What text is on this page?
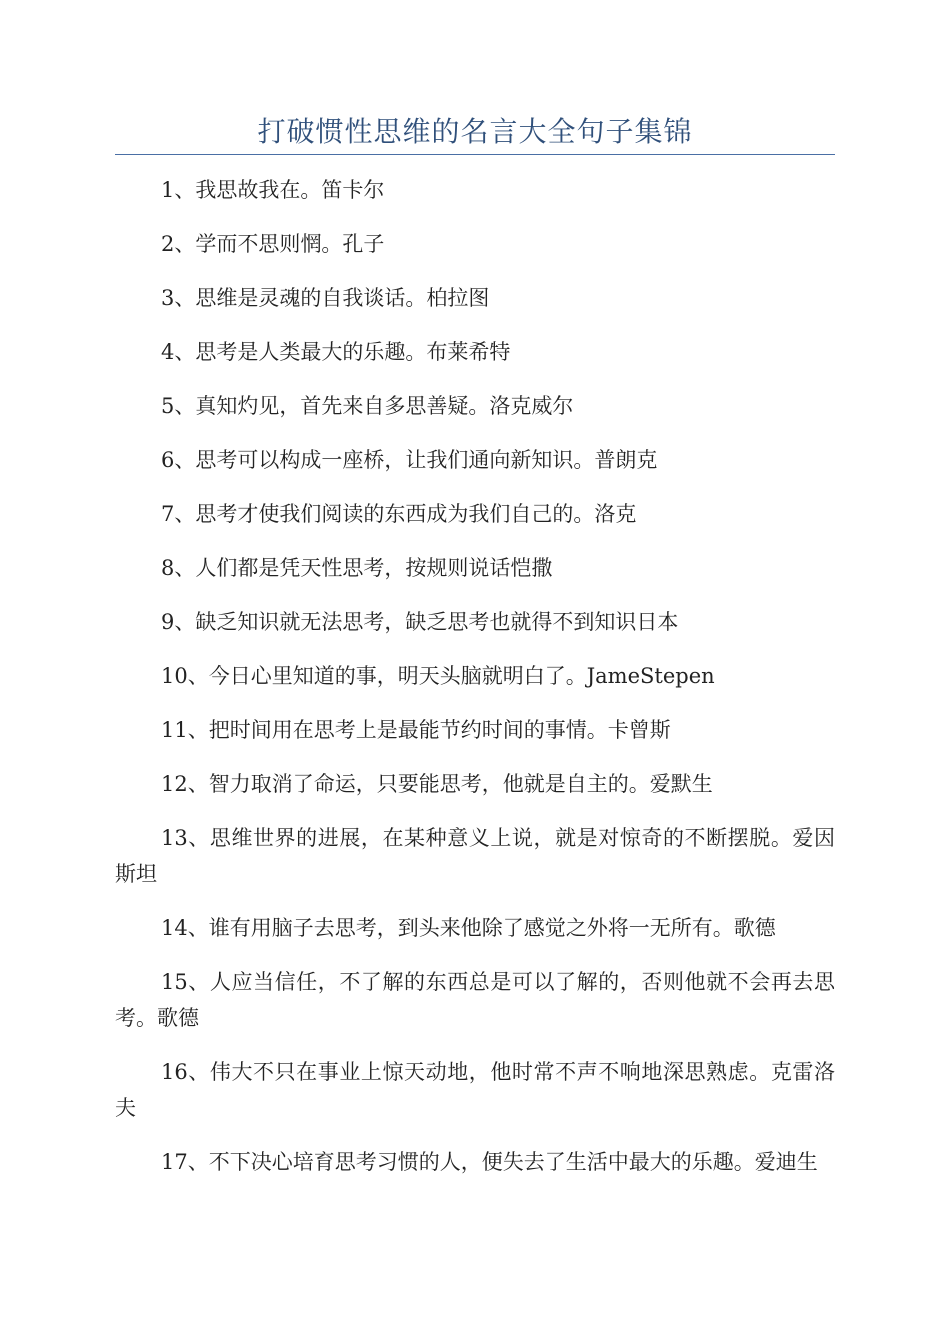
打破惯性思维的名言大全句子集锦
1、我思故我在。笛卡尔
2、学而不思则惘。孔子
3、思维是灵魂的自我谈话。柏拉图
4、思考是人类最大的乐趣。布莱希特
5、真知灼见，首先来自多思善疑。洛克威尔
6、思考可以构成一座桥，让我们通向新知识。普朗克
7、思考才使我们阅读的东西成为我们自己的。洛克
8、人们都是凭天性思考，按规则说话恺撒
9、缺乏知识就无法思考，缺乏思考也就得不到知识日本
10、今日心里知道的事，明天头脑就明白了。JameStepen
11、把时间用在思考上是最能节约时间的事情。卡曾斯
12、智力取消了命运，只要能思考，他就是自主的。爱默生
13、思维世界的进展，在某种意义上说，就是对惊奇的不断摆脱。爱因斯坦
14、谁有用脑子去思考，到头来他除了感觉之外将一无所有。歌德
15、人应当信任，不了解的东西总是可以了解的，否则他就不会再去思考。歌德
16、伟大不只在事业上惊天动地，他时常不声不响地深思熟虑。克雷洛夫
17、不下决心培育思考习惯的人，便失去了生活中最大的乐趣。爱迪生
